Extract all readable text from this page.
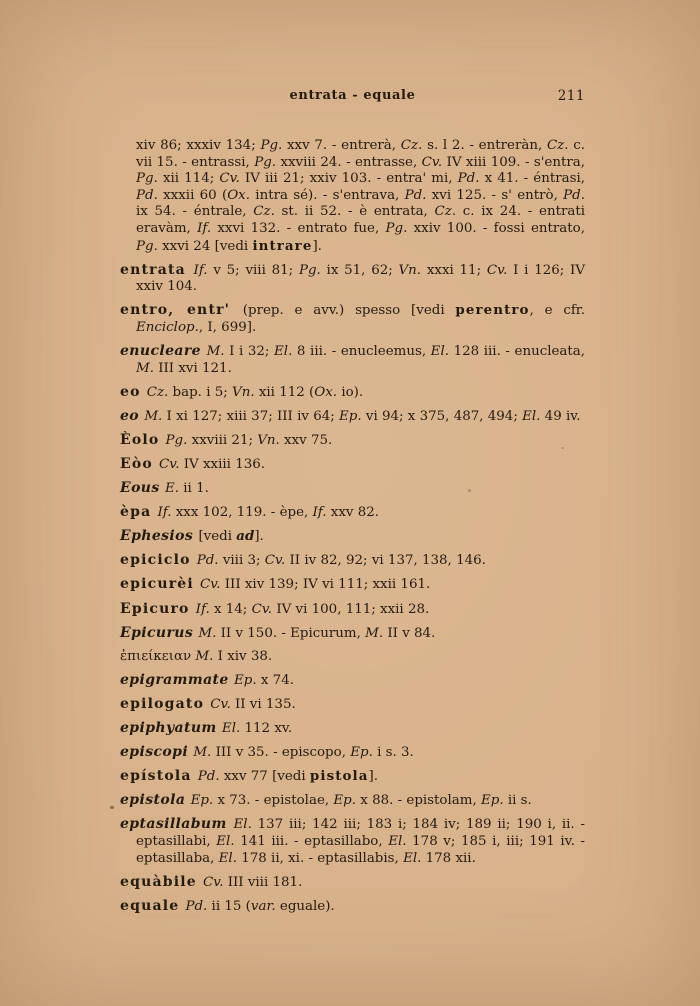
entrata - equale	211

xiv 86; xxxiv 134; Pg. xxv 7. - entrerà, Cz. s. l 2. - entreràn, Cz. c. vii 15. - entrassi, Pg. xxviii 24. - entrasse, Cv. IV xiii 109. - s'entra, Pg. xii 114; Cv. IV iii 21; xxiv 103. - entra' mi, Pd. x 41. - éntrasi, Pd. xxxii 60 (Ox. intra sé). - s'entrava, Pd. xvi 125. - s' entrò, Pd. ix 54. - éntrale, Cz. st. ii 52. - è entrata, Cz. c. ix 24. - entrati eravàm, If. xxvi 132. - entrato fue, Pg. xxiv 100. - fossi entrato, Pg. xxvi 24 [vedi intrare].

entrata If. v 5; viii 81; Pg. ix 51, 62; Vn. xxxi 11; Cv. I i 126; IV xxiv 104.

entro, entr' (prep. e avv.) spesso [vedi perentro, e cfr. Enciclop., I, 699].

enucleare M. I i 32; El. 8 iii. - enucleemus, El. 128 iii. - enucleata, M. III xvi 121.

eo Cz. bap. i 5; Vn. xii 112 (Ox. io).

eo M. I xi 127; xiii 37; III iv 64; Ep. vi 94; x 375, 487, 494; El. 49 iv.

Èolo Pg. xxviii 21; Vn. xxv 75.

Eòo Cv. IV xxiii 136.

Eous E. ii 1.

èpa If. xxx 102, 119. - èpe, If. xxv 82.

Ephesios [vedi ad].

epiciclo Pd. viii 3; Cv. II iv 82, 92; vi 137, 138, 146.

epicurèi Cv. III xiv 139; IV vi 111; xxii 161.

Epicuro If. x 14; Cv. IV vi 100, 111; xxii 28.

Epicurus M. II v 150. - Epicurum, M. II v 84.

ἐπιείκειαν M. I xiv 38.

epigrammate Ep. x 74.

epilogato Cv. II vi 135.

epiphyatum El. 112 xv.

episcopi M. III v 35. - episcopo, Ep. i s. 3.

epístola Pd. xxv 77 [vedi pistola].

epistola Ep. x 73. - epistolae, Ep. x 88. - epistolam, Ep. ii s.

eptasillabum El. 137 iii; 142 iii; 183 i; 184 iv; 189 ii; 190 i, ii. - eptasillabi, El. 141 iii. - eptasillabo, El. 178 v; 185 i, iii; 191 iv. - eptasillaba, El. 178 ii, xi. - eptasillabis, El. 178 xii.

equàbile Cv. III viii 181.

equale Pd. ii 15 (var. eguale).
